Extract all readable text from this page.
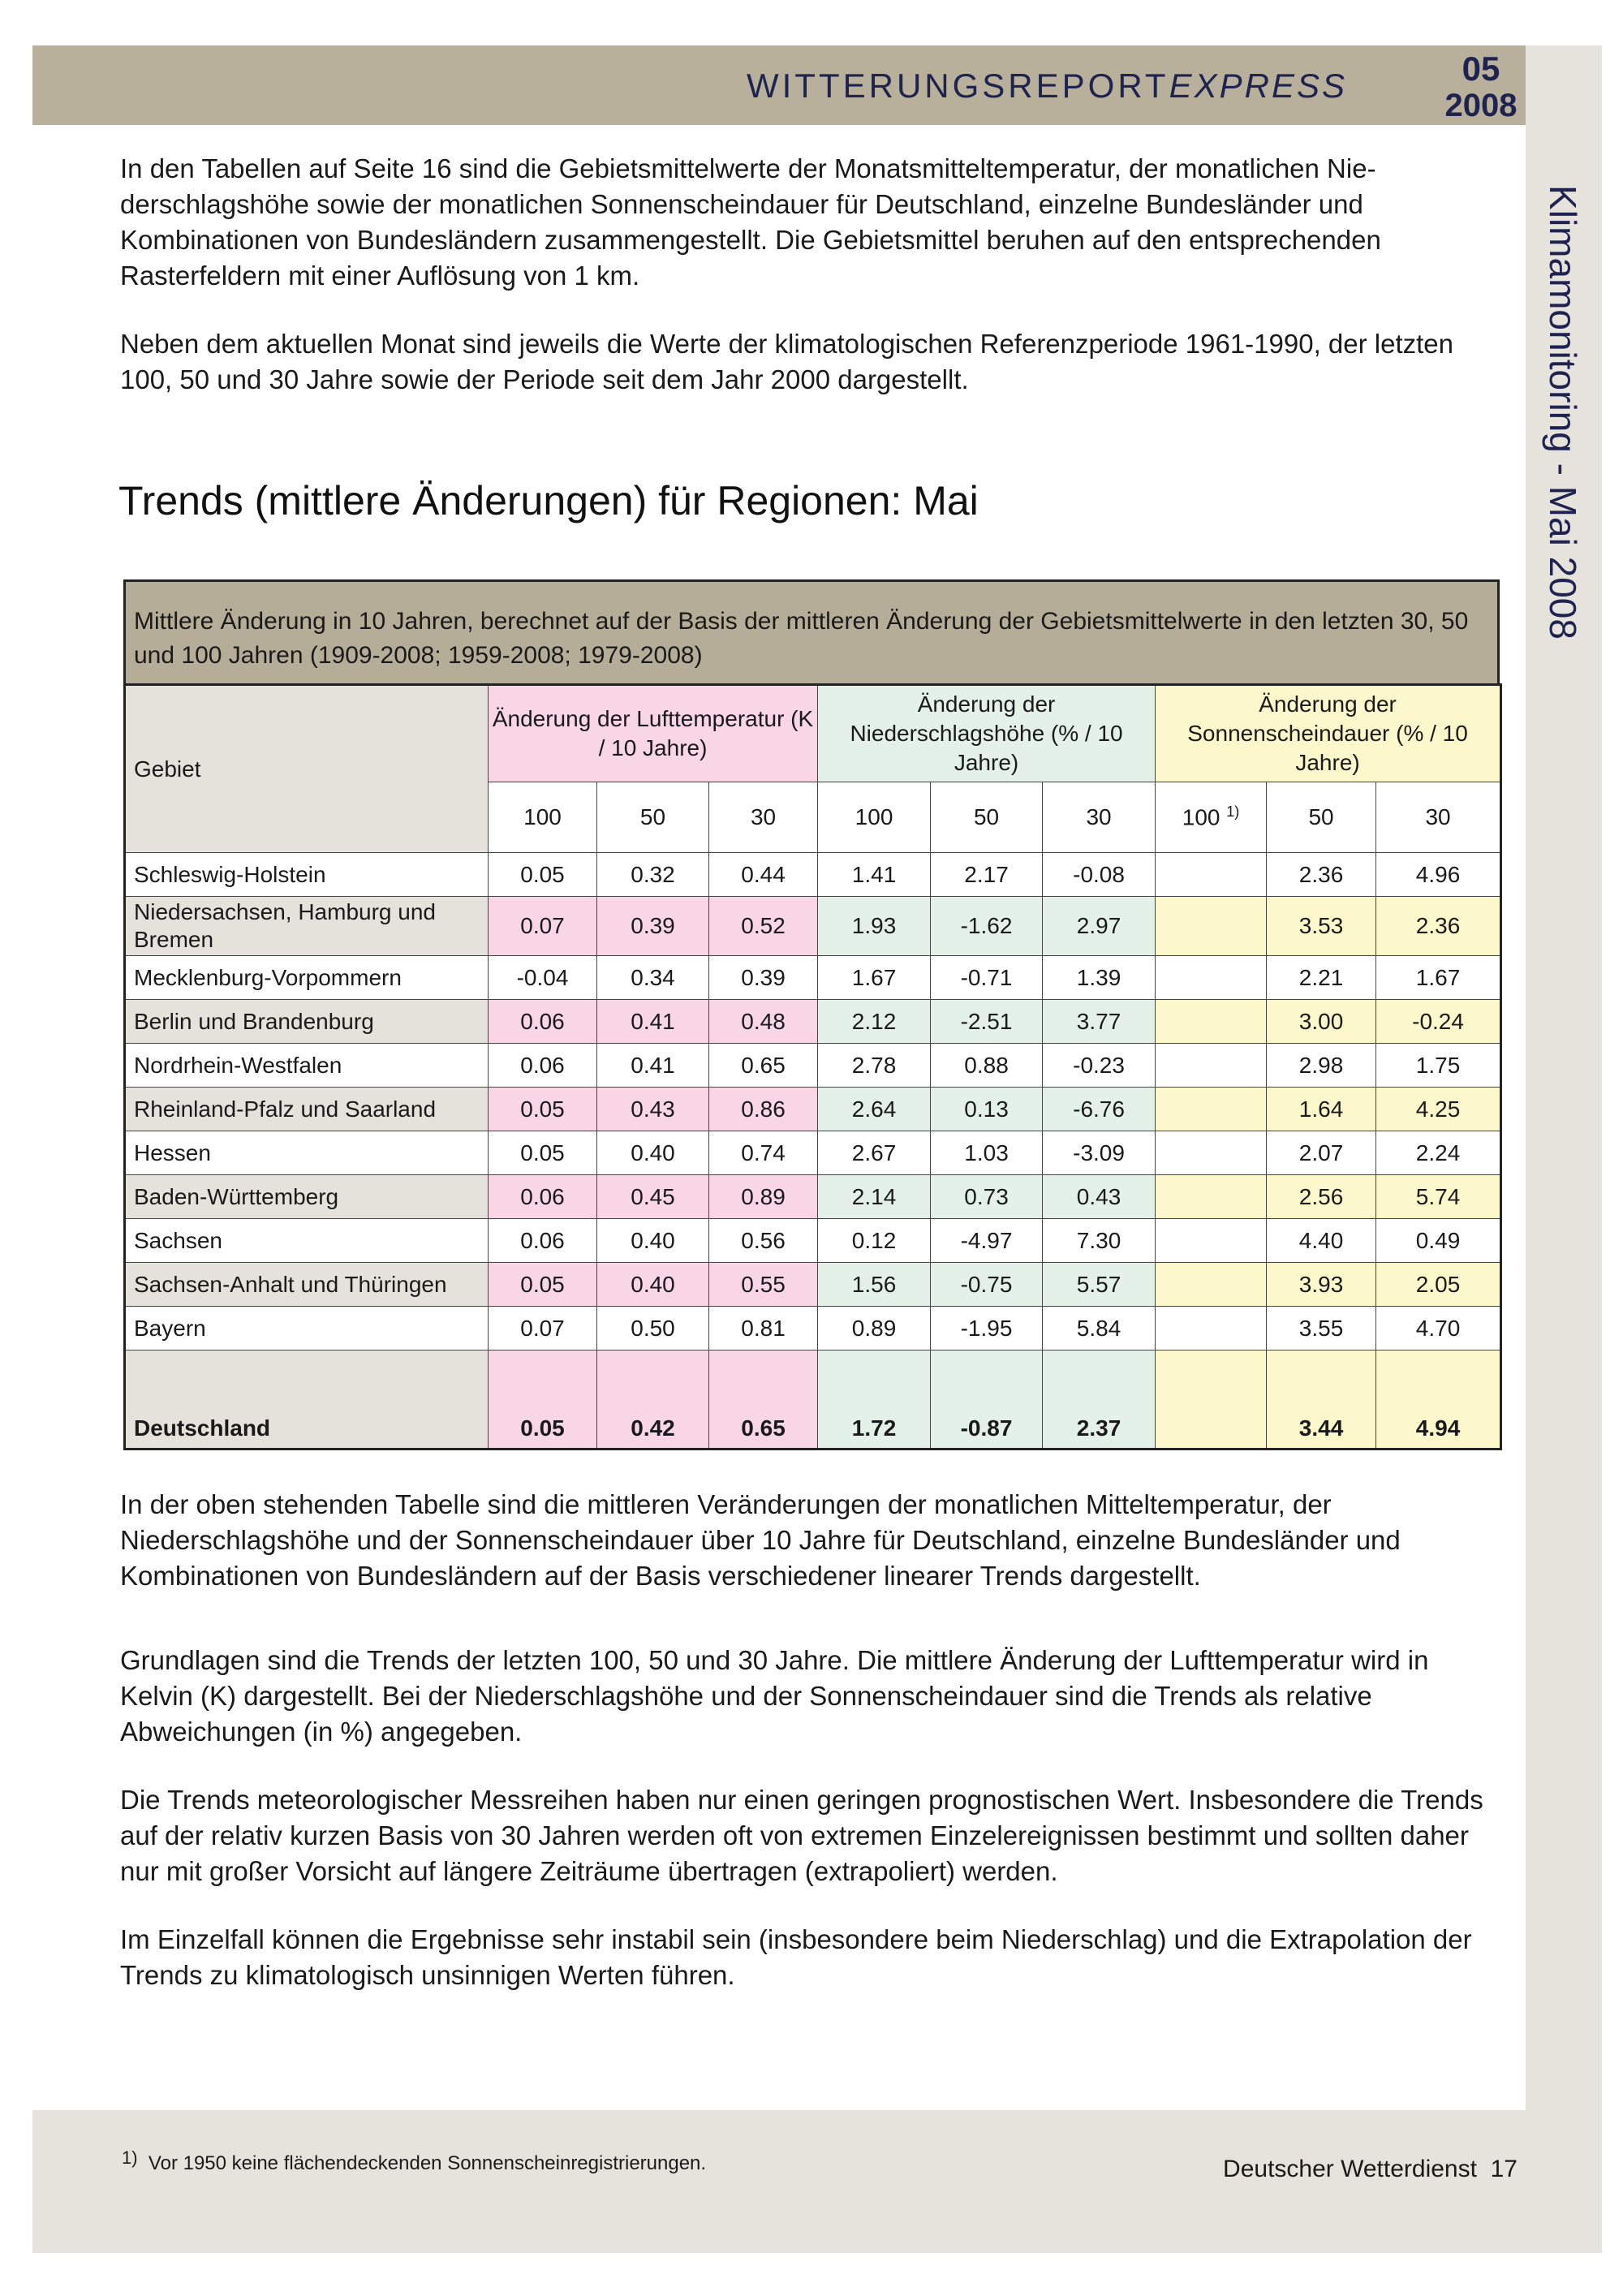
WITTERUNGSREPORTEXPRESS	05
2008
Klimamonitoring - Mai 2008

In den Tabellen auf Seite 16 sind die Gebietsmittelwerte der Monatsmitteltemperatur, der monatlichen Niederschlagshöhe sowie der monatlichen Sonnenscheindauer für Deutschland, einzelne Bundesländer und Kombinationen von Bundesländern zusammengestellt. Die Gebietsmittel beruhen auf den entsprechenden Rasterfeldern mit einer Auflösung von 1 km.

Neben dem aktuellen Monat sind jeweils die Werte der klimatologischen Referenzperiode 1961-1990, der letzten 100, 50 und 30 Jahre sowie der Periode seit dem Jahr 2000 dargestellt.

Trends (mittlere Änderungen) für Regionen: Mai
Mittlere Änderung in 10 Jahren, berechnet auf der Basis der mittleren Änderung der Gebietsmittelwerte in den letzten 30, 50 und 100 Jahren (1909-2008; 1959-2008; 1979-2008)
Gebiet	Änderung der Lufttemperatur (K / 10 Jahre)			Änderung der Niederschlagshöhe (% / 10 Jahre)			Änderung der Sonnenscheindauer (% / 10 Jahre)		
	100	50	30	100	50	30	100 $^{1)}$	50	30
Schleswig-Holstein	0.05	0.32	0.44	1.41	2.17	-0.08		2.36	4.96
Niedersachsen, Hamburg und Bremen	0.07	0.39	0.52	1.93	-1.62	2.97		3.53	2.36
Mecklenburg-Vorpommern	-0.04	0.34	0.39	1.67	-0.71	1.39		2.21	1.67
Berlin und Brandenburg	0.06	0.41	0.48	2.12	-2.51	3.77		3.00	-0.24
Nordrhein-Westfalen	0.06	0.41	0.65	2.78	0.88	-0.23		2.98	1.75
Rheinland-Pfalz und Saarland	0.05	0.43	0.86	2.64	0.13	-6.76		1.64	4.25
Hessen	0.05	0.40	0.74	2.67	1.03	-3.09		2.07	2.24
Baden-Württemberg	0.06	0.45	0.89	2.14	0.73	0.43		2.56	5.74
Sachsen	0.06	0.40	0.56	0.12	-4.97	7.30		4.40	0.49
Sachsen-Anhalt und Thüringen	0.05	0.40	0.55	1.56	-0.75	5.57		3.93	2.05
Bayern	0.07	0.50	0.81	0.89	-1.95	5.84		3.55	4.70
Deutschland	0.05	0.42	0.65	1.72	-0.87	2.37		3.44	4.94

In der oben stehenden Tabelle sind die mittleren Veränderungen der monatlichen Mitteltemperatur, der Niederschlagshöhe und der Sonnenscheindauer über 10 Jahre für Deutschland, einzelne Bundesländer und Kombinationen von Bundesländern auf der Basis verschiedener linearer Trends dargestellt.

Grundlagen sind die Trends der letzten 100, 50 und 30 Jahre. Die mittlere Änderung der Lufttemperatur wird in Kelvin (K) dargestellt. Bei der Niederschlagshöhe und der Sonnenscheindauer sind die Trends als relative Abweichungen (in %) angegeben.

Die Trends meteorologischer Messreihen haben nur einen geringen prognostischen Wert. Insbesondere die Trends auf der relativ kurzen Basis von 30 Jahren werden oft von extremen Einzelereignissen bestimmt und sollten daher nur mit großer Vorsicht auf längere Zeiträume übertragen (extrapoliert) werden.

Im Einzelfall können die Ergebnisse sehr instabil sein (insbesondere beim Niederschlag) und die Extrapolation der Trends zu klimatologisch unsinnigen Werten führen.

$^{1)}$ Vor 1950 keine flächendeckenden Sonnenscheinregistrierungen.	Deutscher Wetterdienst 17
